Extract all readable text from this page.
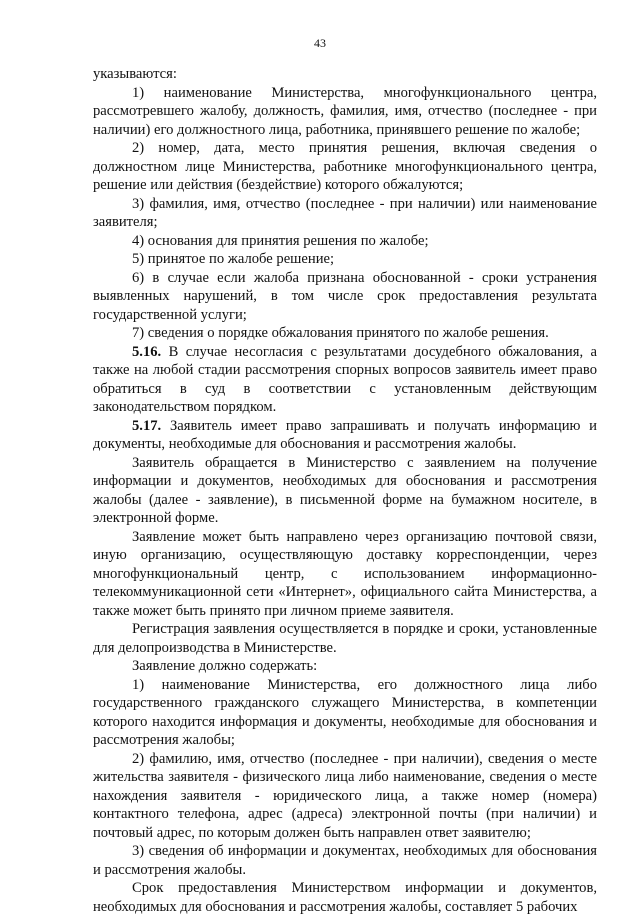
43

указываются:

1) наименование Министерства, многофункционального центра, рассмотревшего жалобу, должность, фамилия, имя, отчество (последнее - при наличии) его должностного лица, работника, принявшего решение по жалобе;

2) номер, дата, место принятия решения, включая сведения о должностном лице Министерства, работнике многофункционального центра, решение или действия (бездействие) которого обжалуются;

3) фамилия, имя, отчество (последнее - при наличии) или наименование заявителя;

4) основания для принятия решения по жалобе;

5) принятое по жалобе решение;

6) в случае если жалоба признана обоснованной - сроки устранения выявленных нарушений, в том числе срок предоставления результата государственной услуги;

7) сведения о порядке обжалования принятого по жалобе решения.

5.16. В случае несогласия с результатами досудебного обжалования, а также на любой стадии рассмотрения спорных вопросов заявитель имеет право обратиться в суд в соответствии с установленным действующим законодательством порядком.

5.17. Заявитель имеет право запрашивать и получать информацию и документы, необходимые для обоснования и рассмотрения жалобы.

Заявитель обращается в Министерство с заявлением на получение информации и документов, необходимых для обоснования и рассмотрения жалобы (далее - заявление), в письменной форме на бумажном носителе, в электронной форме.

Заявление может быть направлено через организацию почтовой связи, иную организацию, осуществляющую доставку корреспонденции, через многофункциональный центр, с использованием информационно-телекоммуникационной сети «Интернет», официального сайта Министерства, а также может быть принято при личном приеме заявителя.

Регистрация заявления осуществляется в порядке и сроки, установленные для делопроизводства в Министерстве.

Заявление должно содержать:

1) наименование Министерства, его должностного лица либо государственного гражданского служащего Министерства, в компетенции которого находится информация и документы, необходимые для обоснования и рассмотрения жалобы;

2) фамилию, имя, отчество (последнее - при наличии), сведения о месте жительства заявителя - физического лица либо наименование, сведения о месте нахождения заявителя - юридического лица, а также номер (номера) контактного телефона, адрес (адреса) электронной почты (при наличии) и почтовый адрес, по которым должен быть направлен ответ заявителю;

3) сведения об информации и документах, необходимых для обоснования и рассмотрения жалобы.

Срок предоставления Министерством информации и документов, необходимых для обоснования и рассмотрения жалобы, составляет 5 рабочих
